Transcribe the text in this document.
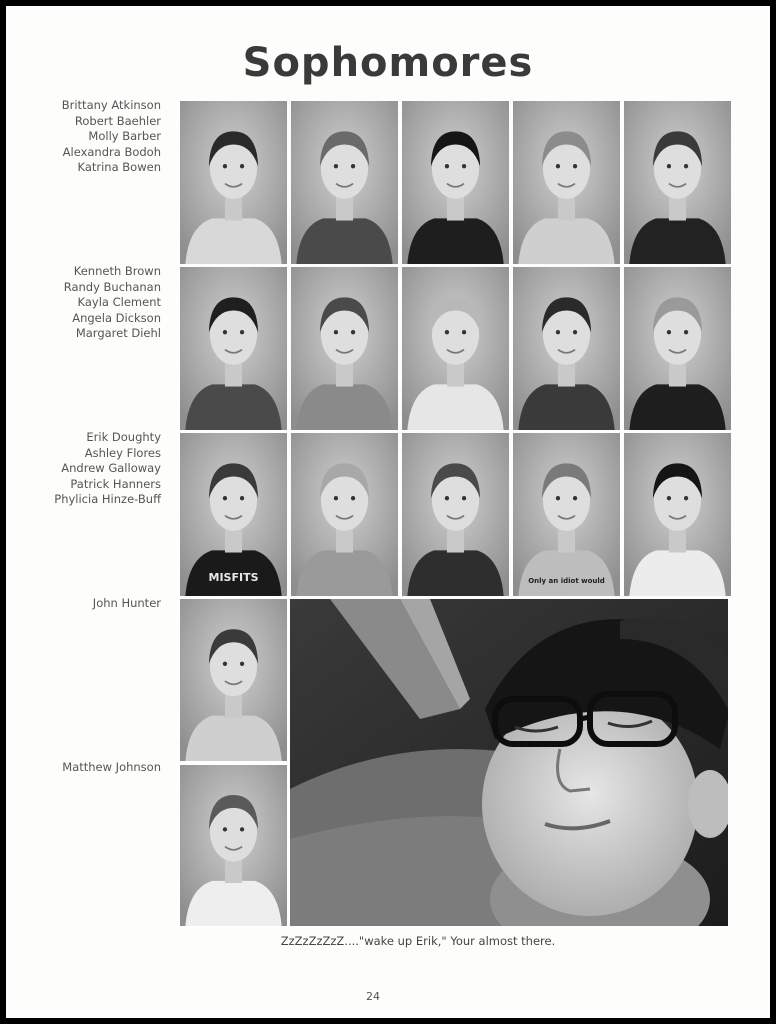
Sophomores
Brittany Atkinson
Robert Baehler
Molly Barber
Alexandra Bodoh
Katrina Bowen
Kenneth Brown
Randy Buchanan
Kayla Clement
Angela Dickson
Margaret Diehl
Erik Doughty
Ashley Flores
Andrew Galloway
Patrick Hanners
Phylicia Hinze-Buff
John Hunter
Matthew Johnson
MISFITS	Only an idiot would
ZzZzZzZzZ...."wake up Erik," Your almost there.
24
